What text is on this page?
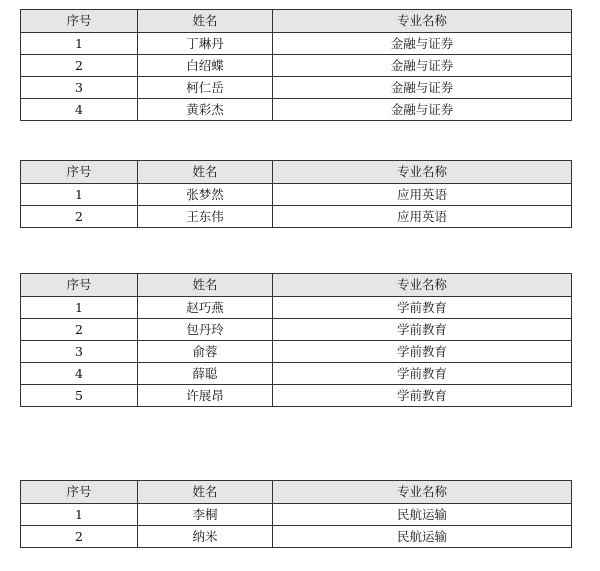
序号	姓名	专业名称
1	丁琳丹	金融与证券
2	白绍蝶	金融与证券
3	柯仁岳	金融与证券
4	黄彩杰	金融与证券
序号	姓名	专业名称
1	张梦然	应用英语
2	王东伟	应用英语
序号	姓名	专业名称
1	赵巧燕	学前教育
2	包丹玲	学前教育
3	俞蓉	学前教育
4	薛聪	学前教育
5	许展昂	学前教育
序号	姓名	专业名称
1	李桐	民航运输
2	纳米	民航运输
